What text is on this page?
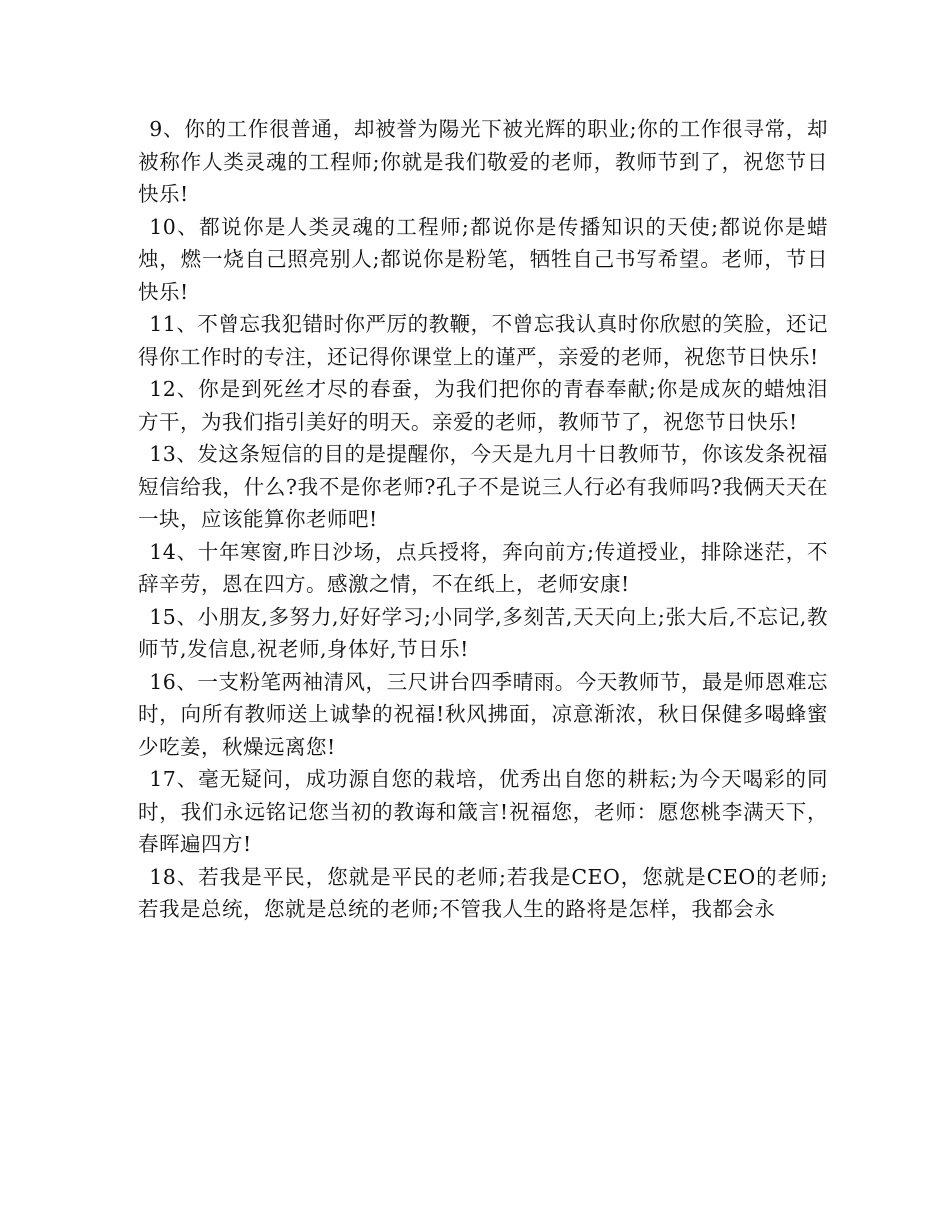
9、你的工作很普通，却被誉为陽光下被光辉的职业;你的工作很寻常，却被称作人类灵魂的工程师;你就是我们敬爱的老师，教师节到了，祝您节日快乐!

10、都说你是人类灵魂的工程师;都说你是传播知识的天使;都说你是蜡烛，燃一烧自己照亮别人;都说你是粉笔，牺牲自己书写希望。老师，节日快乐!

11、不曾忘我犯错时你严厉的教鞭，不曾忘我认真时你欣慰的笑脸，还记得你工作时的专注，还记得你课堂上的谨严，亲爱的老师，祝您节日快乐!

12、你是到死丝才尽的春蚕，为我们把你的青春奉献;你是成灰的蜡烛泪方干，为我们指引美好的明天。亲爱的老师，教师节了，祝您节日快乐!

13、发这条短信的目的是提醒你，今天是九月十日教师节，你该发条祝福短信给我，什么?我不是你老师?孔子不是说三人行必有我师吗?我俩天天在一块，应该能算你老师吧!

14、十年寒窗,昨日沙场，点兵授将，奔向前方;传道授业，排除迷茫，不辞辛劳，恩在四方。感激之情，不在纸上，老师安康!

15、小朋友,多努力,好好学习;小同学,多刻苦,天天向上;张大后,不忘记,教师节,发信息,祝老师,身体好,节日乐!

16、一支粉笔两袖清风，三尺讲台四季晴雨。今天教师节，最是师恩难忘时，向所有教师送上诚挚的祝福!秋风拂面，凉意渐浓，秋日保健多喝蜂蜜少吃姜，秋燥远离您!

17、毫无疑问，成功源自您的栽培，优秀出自您的耕耘;为今天喝彩的同时，我们永远铭记您当初的教诲和箴言!祝福您，老师：愿您桃李满天下，春晖遍四方!

18、若我是平民，您就是平民的老师;若我是CEO，您就是CEO的老师;若我是总统，您就是总统的老师;不管我人生的路将是怎样，我都会永
